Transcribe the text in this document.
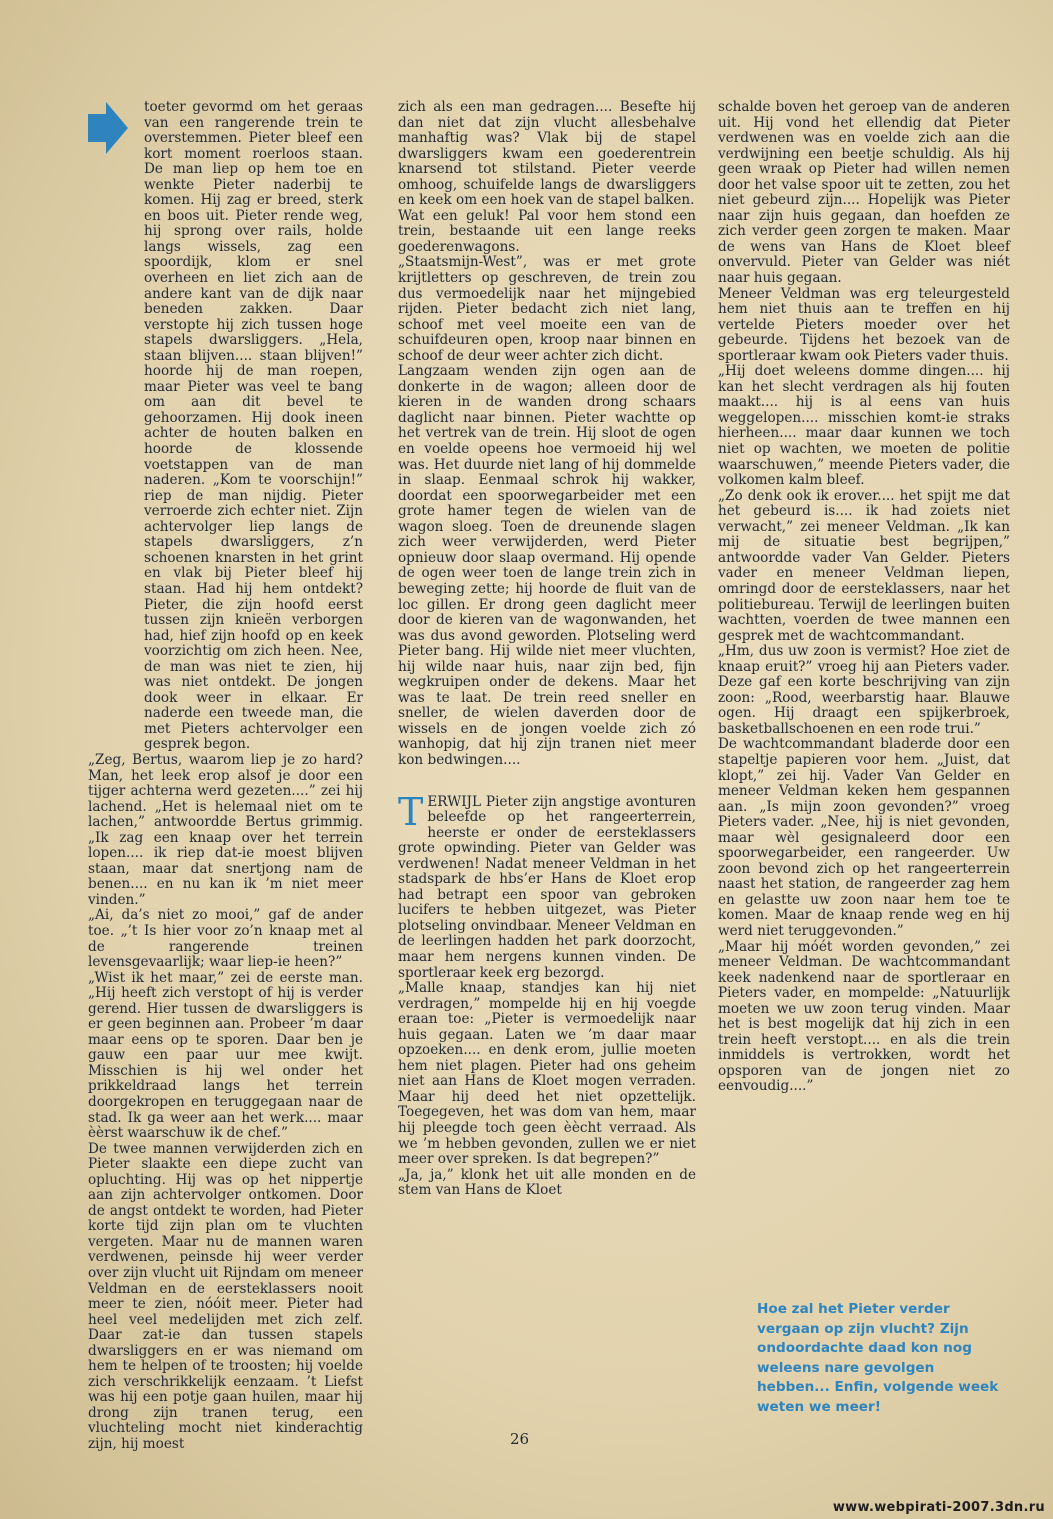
toeter gevormd om het geraas van een rangerende trein te overstemmen. Pieter bleef een kort moment roerloos staan. De man liep op hem toe en wenkte Pieter naderbij te komen. Hij zag er breed, sterk en boos uit. Pieter rende weg, hij sprong over rails, holde langs wissels, zag een spoordijk, klom er snel overheen en liet zich aan de andere kant van de dijk naar beneden zakken. Daar verstopte hij zich tussen hoge stapels dwarsliggers. „Hela, staan blijven.... staan blijven!” hoorde hij de man roepen, maar Pieter was veel te bang om aan dit bevel te gehoorzamen. Hij dook ineen achter de houten balken en hoorde de klossende voetstappen van de man naderen. „Kom te voorschijn!” riep de man nijdig. Pieter verroerde zich echter niet. Zijn achtervolger liep langs de stapels dwarsliggers, z’n schoenen knarsten in het grint en vlak bij Pieter bleef hij staan. Had hij hem ontdekt? Pieter, die zijn hoofd eerst tussen zijn knieën verborgen had, hief zijn hoofd op en keek voorzichtig om zich heen. Nee, de man was niet te zien, hij was niet ontdekt. De jongen dook weer in elkaar. Er naderde een tweede man, die met Pieters achtervolger een gesprek begon.

„Zeg, Bertus, waarom liep je zo hard? Man, het leek erop alsof je door een tijger achterna werd gezeten....” zei hij lachend. „Het is helemaal niet om te lachen,” antwoordde Bertus grimmig. „Ik zag een knaap over het terrein lopen.... ik riep dat-ie moest blijven staan, maar dat snertjong nam de benen.... en nu kan ik ’m niet meer vinden.”

„Ai, da’s niet zo mooi,” gaf de ander toe. „’t Is hier voor zo’n knaap met al de rangerende treinen levensgevaarlijk; waar liep-ie heen?”

„Wist ik het maar,” zei de eerste man. „Hij heeft zich verstopt of hij is verder gerend. Hier tussen de dwarsliggers is er geen beginnen aan. Probeer ’m daar maar eens op te sporen. Daar ben je gauw een paar uur mee kwijt. Misschien is hij wel onder het prikkeldraad langs het terrein doorgekropen en teruggegaan naar de stad. Ik ga weer aan het werk.... maar èèrst waarschuw ik de chef.”

De twee mannen verwijderden zich en Pieter slaakte een diepe zucht van opluchting. Hij was op het nippertje aan zijn achtervolger ontkomen. Door de angst ontdekt te worden, had Pieter korte tijd zijn plan om te vluchten vergeten. Maar nu de mannen waren verdwenen, peinsde hij weer verder over zijn vlucht uit Rijndam om meneer Veldman en de eersteklassers nooit meer te zien, nóóit meer. Pieter had heel veel medelijden met zich zelf. Daar zat-ie dan tussen stapels dwarsliggers en er was niemand om hem te helpen of te troosten; hij voelde zich verschrikkelijk eenzaam. ’t Liefst was hij een potje gaan huilen, maar hij drong zijn tranen terug, een vluchteling mocht niet kinderachtig zijn, hij moest

zich als een man gedragen.... Besefte hij dan niet dat zijn vlucht allesbehalve manhaftig was? Vlak bij de stapel dwarsliggers kwam een goederentrein knarsend tot stilstand. Pieter veerde omhoog, schuifelde langs de dwarsliggers en keek om een hoek van de stapel balken.

Wat een geluk! Pal voor hem stond een trein, bestaande uit een lange reeks goederenwagons.

„Staatsmijn-West”, was er met grote krijtletters op geschreven, de trein zou dus vermoedelijk naar het mijngebied rijden. Pieter bedacht zich niet lang, schoof met veel moeite een van de schuifdeuren open, kroop naar binnen en schoof de deur weer achter zich dicht.

Langzaam wenden zijn ogen aan de donkerte in de wagon; alleen door de kieren in de wanden drong schaars daglicht naar binnen. Pieter wachtte op het vertrek van de trein. Hij sloot de ogen en voelde opeens hoe vermoeid hij wel was. Het duurde niet lang of hij dommelde in slaap. Eenmaal schrok hij wakker, doordat een spoorwegarbeider met een grote hamer tegen de wielen van de wagon sloeg. Toen de dreunende slagen zich weer verwijderden, werd Pieter opnieuw door slaap overmand. Hij opende de ogen weer toen de lange trein zich in beweging zette; hij hoorde de fluit van de loc gillen. Er drong geen daglicht meer door de kieren van de wagonwanden, het was dus avond geworden. Plotseling werd Pieter bang. Hij wilde niet meer vluchten, hij wilde naar huis, naar zijn bed, fijn wegkruipen onder de dekens. Maar het was te laat. De trein reed sneller en sneller, de wielen daverden door de wissels en de jongen voelde zich zó wanhopig, dat hij zijn tranen niet meer kon bedwingen....

T ERWIJL Pieter zijn angstige avonturen beleefde op het rangeerterrein, heerste er onder de eersteklassers grote opwinding. Pieter van Gelder was verdwenen! Nadat meneer Veldman in het stadspark de hbs’er Hans de Kloet erop had betrapt een spoor van gebroken lucifers te hebben uitgezet, was Pieter plotseling onvindbaar. Meneer Veldman en de leerlingen hadden het park doorzocht, maar hem nergens kunnen vinden. De sportleraar keek erg bezorgd.

„Malle knaap, standjes kan hij niet verdragen,” mompelde hij en hij voegde eraan toe: „Pieter is vermoedelijk naar huis gegaan. Laten we ’m daar maar opzoeken.... en denk erom, jullie moeten hem niet plagen. Pieter had ons geheim niet aan Hans de Kloet mogen verraden. Maar hij deed het niet opzettelijk. Toegegeven, het was dom van hem, maar hij pleegde toch geen èècht verraad. Als we ’m hebben gevonden, zullen we er niet meer over spreken. Is dat begrepen?”

„Ja, ja,” klonk het uit alle monden en de stem van Hans de Kloet

schalde boven het geroep van de anderen uit. Hij vond het ellendig dat Pieter verdwenen was en voelde zich aan die verdwijning een beetje schuldig. Als hij geen wraak op Pieter had willen nemen door het valse spoor uit te zetten, zou het niet gebeurd zijn.... Hopelijk was Pieter naar zijn huis gegaan, dan hoefden ze zich verder geen zorgen te maken. Maar de wens van Hans de Kloet bleef onvervuld. Pieter van Gelder was niét naar huis gegaan.

Meneer Veldman was erg teleurgesteld hem niet thuis aan te treffen en hij vertelde Pieters moeder over het gebeurde. Tijdens het bezoek van de sportleraar kwam ook Pieters vader thuis.

„Hij doet weleens domme dingen.... hij kan het slecht verdragen als hij fouten maakt.... hij is al eens van huis weggelopen.... misschien komt-ie straks hierheen.... maar daar kunnen we toch niet op wachten, we moeten de politie waarschuwen,” meende Pieters vader, die volkomen kalm bleef.

„Zo denk ook ik erover.... het spijt me dat het gebeurd is.... ik had zoiets niet verwacht,” zei meneer Veldman. „Ik kan mij de situatie best begrijpen,” antwoordde vader Van Gelder. Pieters vader en meneer Veldman liepen, omringd door de eersteklassers, naar het politiebureau. Terwijl de leerlingen buiten wachtten, voerden de twee mannen een gesprek met de wachtcommandant.

„Hm, dus uw zoon is vermist? Hoe ziet de knaap eruit?” vroeg hij aan Pieters vader. Deze gaf een korte beschrijving van zijn zoon: „Rood, weerbarstig haar. Blauwe ogen. Hij draagt een spijkerbroek, basketballschoenen en een rode trui.”

De wachtcommandant bladerde door een stapeltje papieren voor hem. „Juist, dat klopt,” zei hij. Vader Van Gelder en meneer Veldman keken hem gespannen aan. „Is mijn zoon gevonden?” vroeg Pieters vader. „Nee, hij is niet gevonden, maar wèl gesignaleerd door een spoorwegarbeider, een rangeerder. Uw zoon bevond zich op het rangeerterrein naast het station, de rangeerder zag hem en gelastte uw zoon naar hem toe te komen. Maar de knaap rende weg en hij werd niet teruggevonden.”

„Maar hij móét worden gevonden,” zei meneer Veldman. De wachtcommandant keek nadenkend naar de sportleraar en Pieters vader, en mompelde: „Natuurlijk moeten we uw zoon terug vinden. Maar het is best mogelijk dat hij zich in een trein heeft verstopt.... en als die trein inmiddels is vertrokken, wordt het opsporen van de jongen niet zo eenvoudig....”

Hoe zal het Pieter verder vergaan op zijn vlucht? Zijn ondoordachte daad kon nog weleens nare gevolgen hebben... Enfin, volgende week weten we meer!
26
www.webpirati-2007.3dn.ru
